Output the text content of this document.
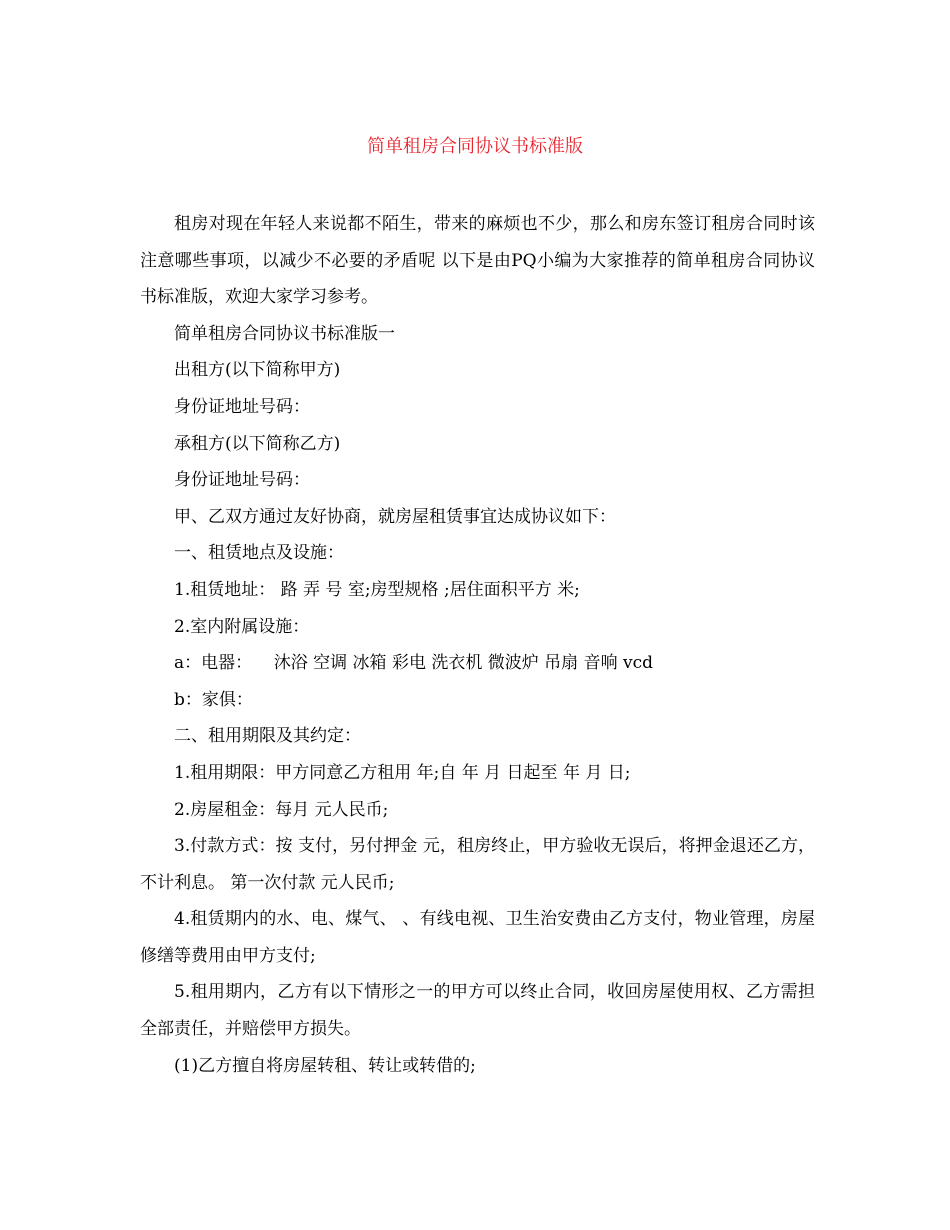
简单租房合同协议书标准版

租房对现在年轻人来说都不陌生，带来的麻烦也不少，那么和房东签订租房合同时该注意哪些事项，以减少不必要的矛盾呢 以下是由PQ小编为大家推荐的简单租房合同协议书标准版，欢迎大家学习参考。

简单租房合同协议书标准版一

出租方(以下简称甲方)

身份证地址号码：

承租方(以下简称乙方)

身份证地址号码：

甲、乙双方通过友好协商，就房屋租赁事宜达成协议如下：

一、租赁地点及设施：

1.租赁地址： 路 弄 号 室;房型规格 ;居住面积平方 米;

2.室内附属设施：

a：电器：    沐浴 空调 冰箱 彩电 洗衣机 微波炉 吊扇 音响 vcd

b：家俱：

二、租用期限及其约定：

1.租用期限：甲方同意乙方租用 年;自 年 月 日起至 年 月 日;

2.房屋租金：每月 元人民币;

3.付款方式：按 支付，另付押金 元，租房终止，甲方验收无误后，将押金退还乙方，不计利息。 第一次付款 元人民币;

4.租赁期内的水、电、煤气、 、有线电视、卫生治安费由乙方支付，物业管理，房屋修缮等费用由甲方支付;

5.租用期内，乙方有以下情形之一的甲方可以终止合同，收回房屋使用权、乙方需担全部责任，并赔偿甲方损失。

(1)乙方擅自将房屋转租、转让或转借的;
